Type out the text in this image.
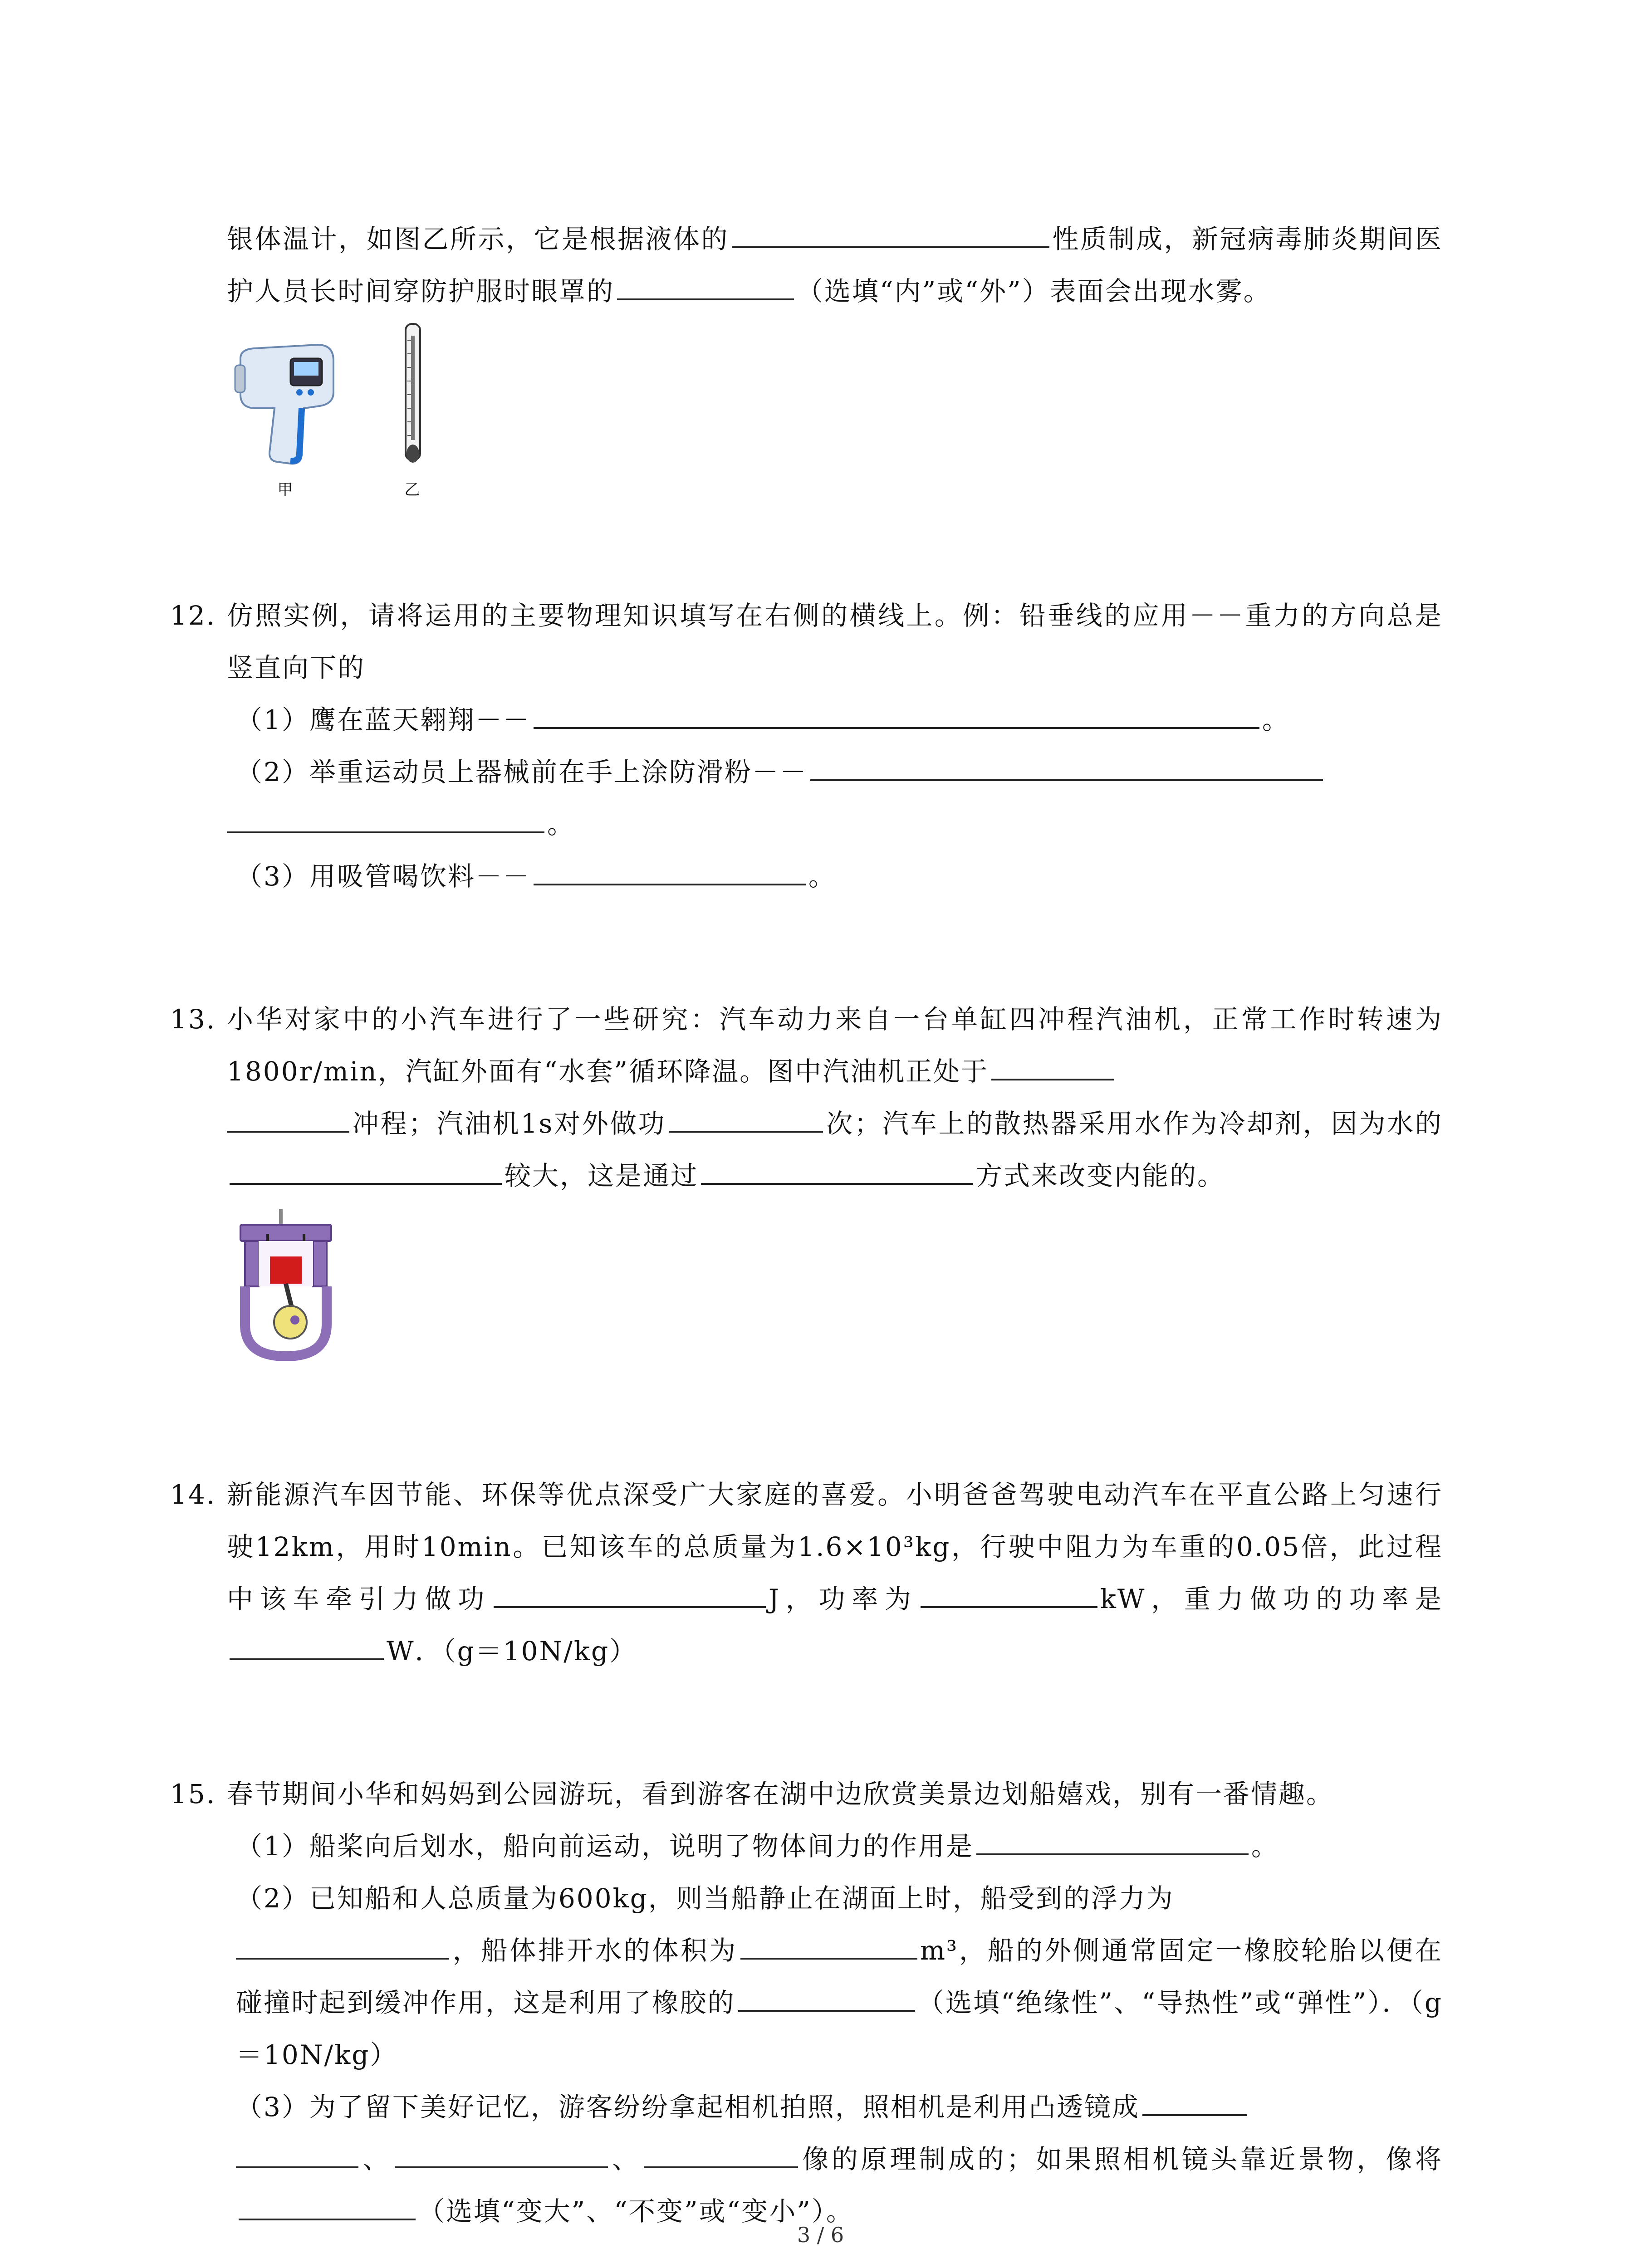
银体温计，如图乙所示，它是根据液体的	性质制成，新冠病毒肺炎期间医护人员长时间穿防护服时眼罩的	（选填“内”或“外”）表面会出现水雾。

甲	乙
12. 仿照实例，请将运用的主要物理知识填写在右侧的横线上。例：铅垂线的应用－－重力的方向总是竖直向下的

（1）鹰在蓝天翱翔－－	。

（2）举重运动员上器械前在手上涂防滑粉－－

。

（3）用吸管喝饮料－－	。

13. 小华对家中的小汽车进行了一些研究：汽车动力来自一台单缸四冲程汽油机，正常工作时转速为1800r/min，汽缸外面有“水套”循环降温。图中汽油机正处于
冲程；汽油机1s对外做功	次；汽车上的散热器采用水作为冷却剂，因为水的较大，这是通过	方式来改变内能的。

14. 新能源汽车因节能、环保等优点深受广大家庭的喜爱。小明爸爸驾驶电动汽车在平直公路上匀速行驶12km，用时10min。已知该车的总质量为1.6×10³kg，行驶中阻力为车重的0.05倍，此过程中该车牵引力做功	J，功率为	kW，重力做功的功率是W．（g＝10N/kg）

15. 春节期间小华和妈妈到公园游玩，看到游客在湖中边欣赏美景边划船嬉戏，别有一番情趣。

（1）船桨向后划水，船向前运动，说明了物体间力的作用是	。

（2）已知船和人总质量为600kg，则当船静止在湖面上时，船受到的浮力为
，船体排开水的体积为	m³，船的外侧通常固定一橡胶轮胎以便在碰撞时起到缓冲作用，这是利用了橡胶的	（选填“绝缘性”、“导热性”或“弹性”）．（g＝10N/kg）

（3）为了留下美好记忆，游客纷纷拿起相机拍照，照相机是利用凸透镜成
、	、	像的原理制成的；如果照相机镜头靠近景物，像将（选填“变大”、“不变”或“变小”）。

3 / 6
